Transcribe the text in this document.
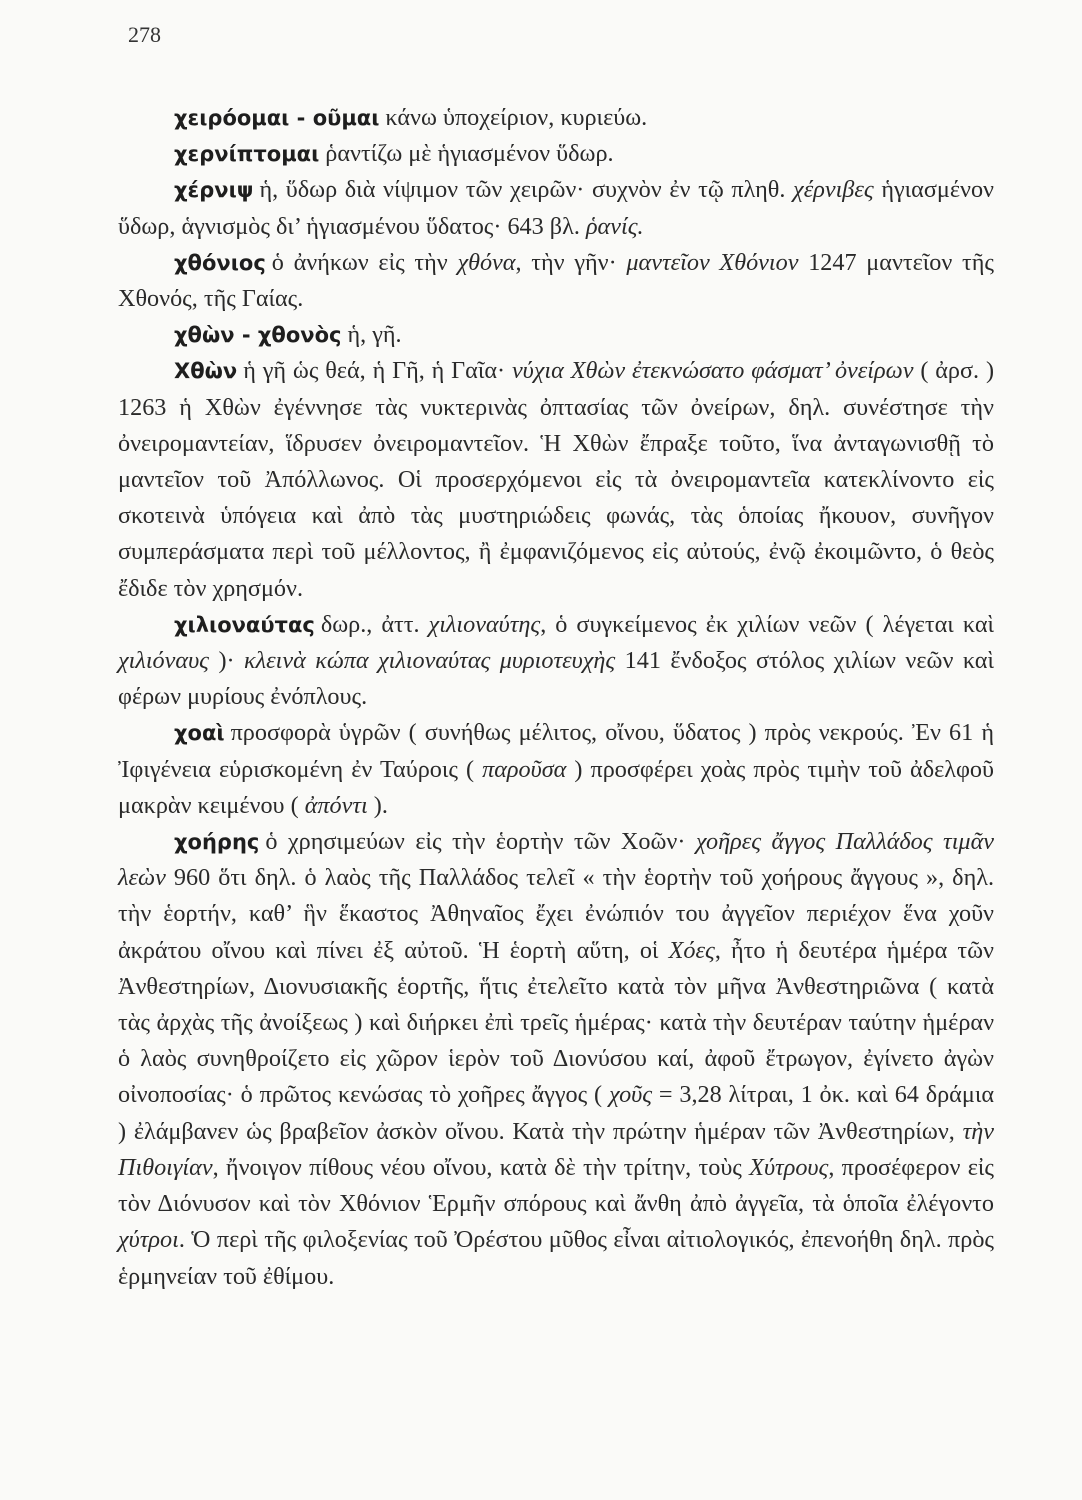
278

χειρόομαι - οῦμαι κάνω ὑποχείριον, κυριεύω.

χερνίπτομαι ῥαντίζω μὲ ἡγιασμένον ὕδωρ.

χέρνιψ ἡ, ὕδωρ διὰ νίψιμον τῶν χειρῶν· συχνὸν ἐν τῷ πληθ. χέρνιβες ἡγιασμένον ὕδωρ, ἁγνισμὸς δι’ ἡγιασμένου ὕδατος· 643 βλ. ῥανίς.

χθόνιος ὁ ἀνήκων εἰς τὴν χθόνα, τὴν γῆν· μαντεῖον Χθόνιον 1247 μαντεῖον τῆς Χθονός, τῆς Γαίας.

χθὼν - χθονὸς ἡ, γῆ.

Χθὼν ἡ γῆ ὡς θεά, ἡ Γῆ, ἡ Γαῖα· νύχια Χθὼν ἐτεκνώσατο φάσματ’ ὀνείρων ( ἀρσ. ) 1263 ἡ Χθὼν ἐγέννησε τὰς νυκτερινὰς ὀπτασίας τῶν ὀνείρων, δηλ. συνέστησε τὴν ὀνειρομαντείαν, ἵδρυσεν ὀνειρομαντεῖον. Ἡ Χθὼν ἔπραξε τοῦτο, ἵνα ἀνταγωνισθῇ τὸ μαντεῖον τοῦ Ἀπόλλωνος. Οἱ προσερχόμενοι εἰς τὰ ὀνειρομαντεῖα κατεκλίνοντο εἰς σκοτεινὰ ὑπόγεια καὶ ἀπὸ τὰς μυστηριώδεις φωνάς, τὰς ὁποίας ἤκουον, συνῆγον συμπεράσματα περὶ τοῦ μέλλοντος, ἢ ἐμφανιζόμενος εἰς αὐτούς, ἐνῷ ἐκοιμῶντο, ὁ θεὸς ἔδιδε τὸν χρησμόν.

χιλιοναύτας δωρ., ἀττ. χιλιοναύτης, ὁ συγκείμενος ἐκ χιλίων νεῶν ( λέγεται καὶ χιλιόναυς )· κλεινὰ κώπα χιλιοναύτας μυριοτευχὴς 141 ἔνδοξος στόλος χιλίων νεῶν καὶ φέρων μυρίους ἐνόπλους.

χοαὶ προσφορὰ ὑγρῶν ( συνήθως μέλιτος, οἴνου, ὕδατος ) πρὸς νεκρούς. Ἐν 61 ἡ Ἰφιγένεια εὑρισκομένη ἐν Ταύροις ( παροῦσα ) προσφέρει χοὰς πρὸς τιμὴν τοῦ ἀδελφοῦ μακρὰν κειμένου ( ἀπόντι ).

χοήρης ὁ χρησιμεύων εἰς τὴν ἑορτὴν τῶν Χοῶν· χοῆρες ἄγγος Παλλάδος τιμᾶν λεὼν 960 ὅτι δηλ. ὁ λαὸς τῆς Παλλάδος τελεῖ « τὴν ἑορτὴν τοῦ χοήρους ἄγγους », δηλ. τὴν ἑορτήν, καθ’ ἣν ἕκαστος Ἀθηναῖος ἔχει ἐνώπιόν του ἀγγεῖον περιέχον ἕνα χοῦν ἀκράτου οἴνου καὶ πίνει ἐξ αὐτοῦ. Ἡ ἑορτὴ αὕτη, οἱ Χόες, ἦτο ἡ δευτέρα ἡμέρα τῶν Ἀνθεστηρίων, Διονυσιακῆς ἑορτῆς, ἥτις ἐτελεῖτο κατὰ τὸν μῆνα Ἀνθεστηριῶνα ( κατὰ τὰς ἀρχὰς τῆς ἀνοίξεως ) καὶ διήρκει ἐπὶ τρεῖς ἡμέρας· κατὰ τὴν δευτέραν ταύτην ἡμέραν ὁ λαὸς συνηθροίζετο εἰς χῶρον ἱερὸν τοῦ Διονύσου καί, ἀφοῦ ἔτρωγον, ἐγίνετο ἀγὼν οἰνοποσίας· ὁ πρῶτος κενώσας τὸ χοῆρες ἄγγος ( χοῦς = 3,28 λίτραι, 1 ὀκ. καὶ 64 δράμια ) ἐλάμβανεν ὡς βραβεῖον ἀσκὸν οἴνου. Κατὰ τὴν πρώτην ἡμέραν τῶν Ἀνθεστηρίων, τὴν Πιθοιγίαν, ἤνοιγον πίθους νέου οἴνου, κατὰ δὲ τὴν τρίτην, τοὺς Χύτρους, προσέφερον εἰς τὸν Διόνυσον καὶ τὸν Χθόνιον Ἑρμῆν σπόρους καὶ ἄνθη ἀπὸ ἀγγεῖα, τὰ ὁποῖα ἐλέγοντο χύτροι. Ὁ περὶ τῆς φιλοξενίας τοῦ Ὀρέστου μῦθος εἶναι αἰτιολογικός, ἐπενοήθη δηλ. πρὸς ἑρμηνείαν τοῦ ἐθίμου.
